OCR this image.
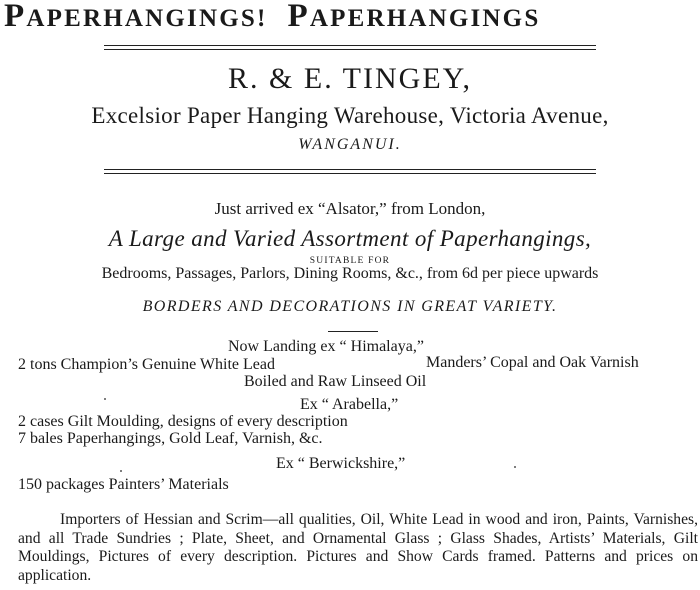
PAPERHANGINGS! PAPERHANGINGS
R. & E. TINGEY,
Excelsior Paper Hanging Warehouse, Victoria Avenue,
WANGANUI.
Just arrived ex “Alsator,” from London,
A Large and Varied Assortment of Paperhangings,
SUITABLE FOR
Bedrooms, Passages, Parlors, Dining Rooms, &c., from 6d per piece upwards
BORDERS AND DECORATIONS IN GREAT VARIETY.
Now Landing ex “ Himalaya,”
2 tons Champion’s Genuine White Lead	Manders’ Copal and Oak Varnish
Boiled and Raw Linseed Oil
Ex “ Arabella,”
2 cases Gilt Moulding, designs of every description
7 bales Paperhangings, Gold Leaf, Varnish, &c.
Ex “ Berwickshire,”
150 packages Painters’ Materials
Importers of Hessian and Scrim—all qualities, Oil, White Lead in wood and iron, Paints, Varnishes, and all Trade Sundries ; Plate, Sheet, and Ornamental Glass ; Glass Shades, Artists’ Materials, Gilt Mouldings, Pictures of every description. Pictures and Show Cards framed. Patterns and prices on application.
